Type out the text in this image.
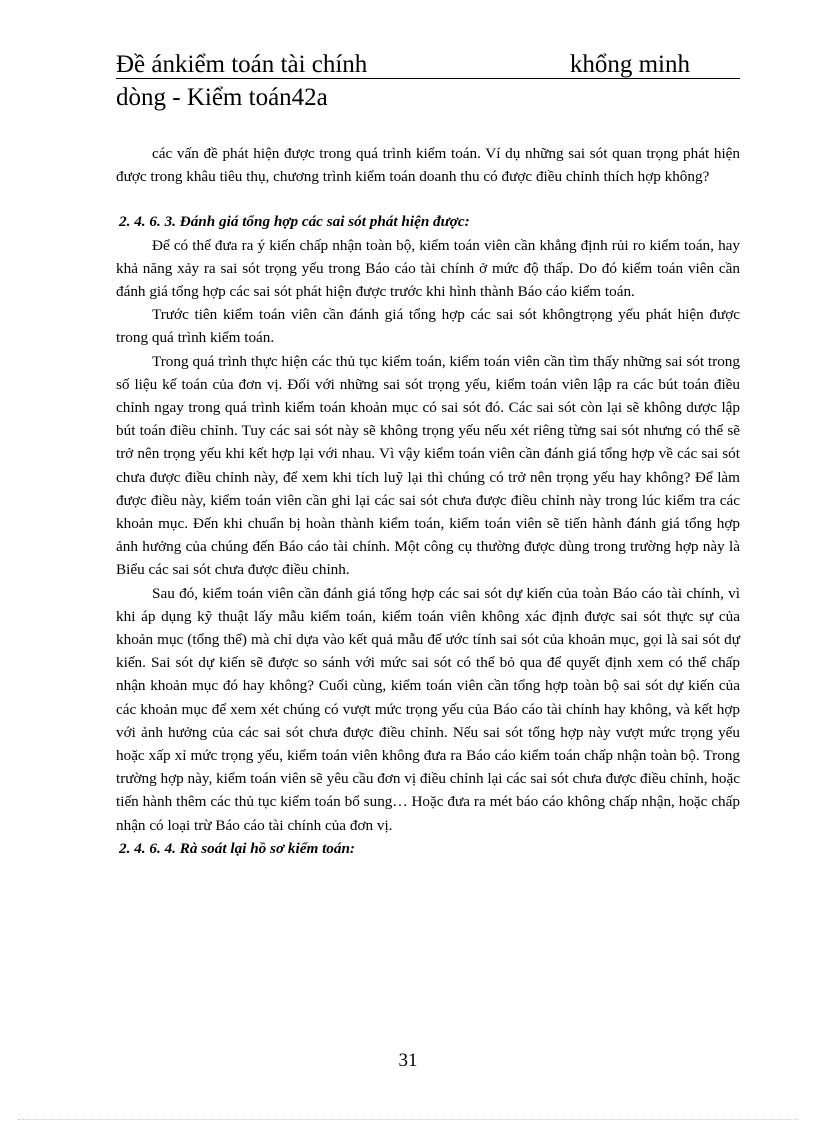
Đề ánkiểm toán tài chính	khổng minh
dòng - Kiểm toán42a

các vấn đề phát hiện được trong quá trình kiểm toán. Ví dụ những sai sót quan trọng phát hiện được trong khâu tiêu thụ, chương trình kiểm toán doanh thu có được điều chỉnh thích hợp không?

2. 4. 6. 3. Đánh giá tổng hợp các sai sót phát hiện được:

Để có thể đưa ra ý kiến chấp nhận toàn bộ, kiểm toán viên cần khẳng định rủi ro kiểm toán, hay khả năng xảy ra sai sót trọng yếu trong Báo cáo tài chính ở mức độ thấp. Do đó kiểm toán viên cần đánh giá tổng hợp các sai sót phát hiện được trước khi hình thành Báo cáo kiểm toán.

Trước tiên kiểm toán viên cần đánh giá tổng hợp các sai sót khôngtrọng yếu phát hiện được trong quá trình kiểm toán.

Trong quá trình thực hiện các thủ tục kiểm toán, kiểm toán viên cần tìm thấy những sai sót trong số liệu kế toán của đơn vị. Đối với những sai sót trọng yếu, kiểm toán viên lập ra các bút toán điều chỉnh ngay trong quá trình kiểm toán khoản mục có sai sót đó. Các sai sót còn lại sẽ không dược lập bút toán điều chỉnh. Tuy các sai sót này sẽ không trọng yếu nếu xét riêng từng sai sót nhưng có thể sẽ trở nên trọng yếu khi kết hợp lại với nhau. Vì vậy kiểm toán viên cần đánh giá tổng hợp về các sai sót chưa được điều chỉnh này, để xem khi tích luỹ lại thì chúng có trở nên trọng yếu hay không? Để làm được điều này, kiểm toán viên cần ghi lại các sai sót chưa được điều chỉnh này trong lúc kiểm tra các khoản mục. Đến khi chuẩn bị hoàn thành kiểm toán, kiểm toán viên sẽ tiến hành đánh giá tổng hợp ảnh hưởng của chúng đến Báo cáo tài chính. Một công cụ thường được dùng trong trường hợp này là Biểu các sai sót chưa được điều chỉnh.

Sau đó, kiểm toán viên cần đánh giá tổng hợp các sai sót dự kiến của toàn Báo cáo tài chính, vì khi áp dụng kỹ thuật lấy mẫu kiểm toán, kiểm toán viên không xác định được sai sót thực sự của khoản mục (tổng thể) mà chỉ dựa vào kết quả mẫu để ước tính sai sót của khoản mục, gọi là sai sót dự kiến. Sai sót dự kiến sẽ được so sánh với mức sai sót có thể bỏ qua để quyết định xem có thể chấp nhận khoản mục đó hay không? Cuối cùng, kiểm toán viên cần tổng hợp toàn bộ sai sót dự kiến của các khoản mục để xem xét chúng có vượt mức trọng yếu của Báo cáo tài chính hay không, và kết hợp với ảnh hưởng của các sai sót chưa được điều chỉnh. Nếu sai sót tổng hợp này vượt mức trọng yếu hoặc xấp xỉ mức trọng yếu, kiểm toán viên không đưa ra Báo cáo kiểm toán chấp nhận toàn bộ. Trong trường hợp này, kiểm toán viên sẽ yêu cầu đơn vị điều chỉnh lại các sai sót chưa được điều chỉnh, hoặc tiến hành thêm các thủ tục kiểm toán bổ sung… Hoặc đưa ra mét báo cáo không chấp nhận, hoặc chấp nhận có loại trừ Báo cáo tài chính của đơn vị.

2. 4. 6. 4. Rà soát lại hồ sơ kiểm toán:

31
